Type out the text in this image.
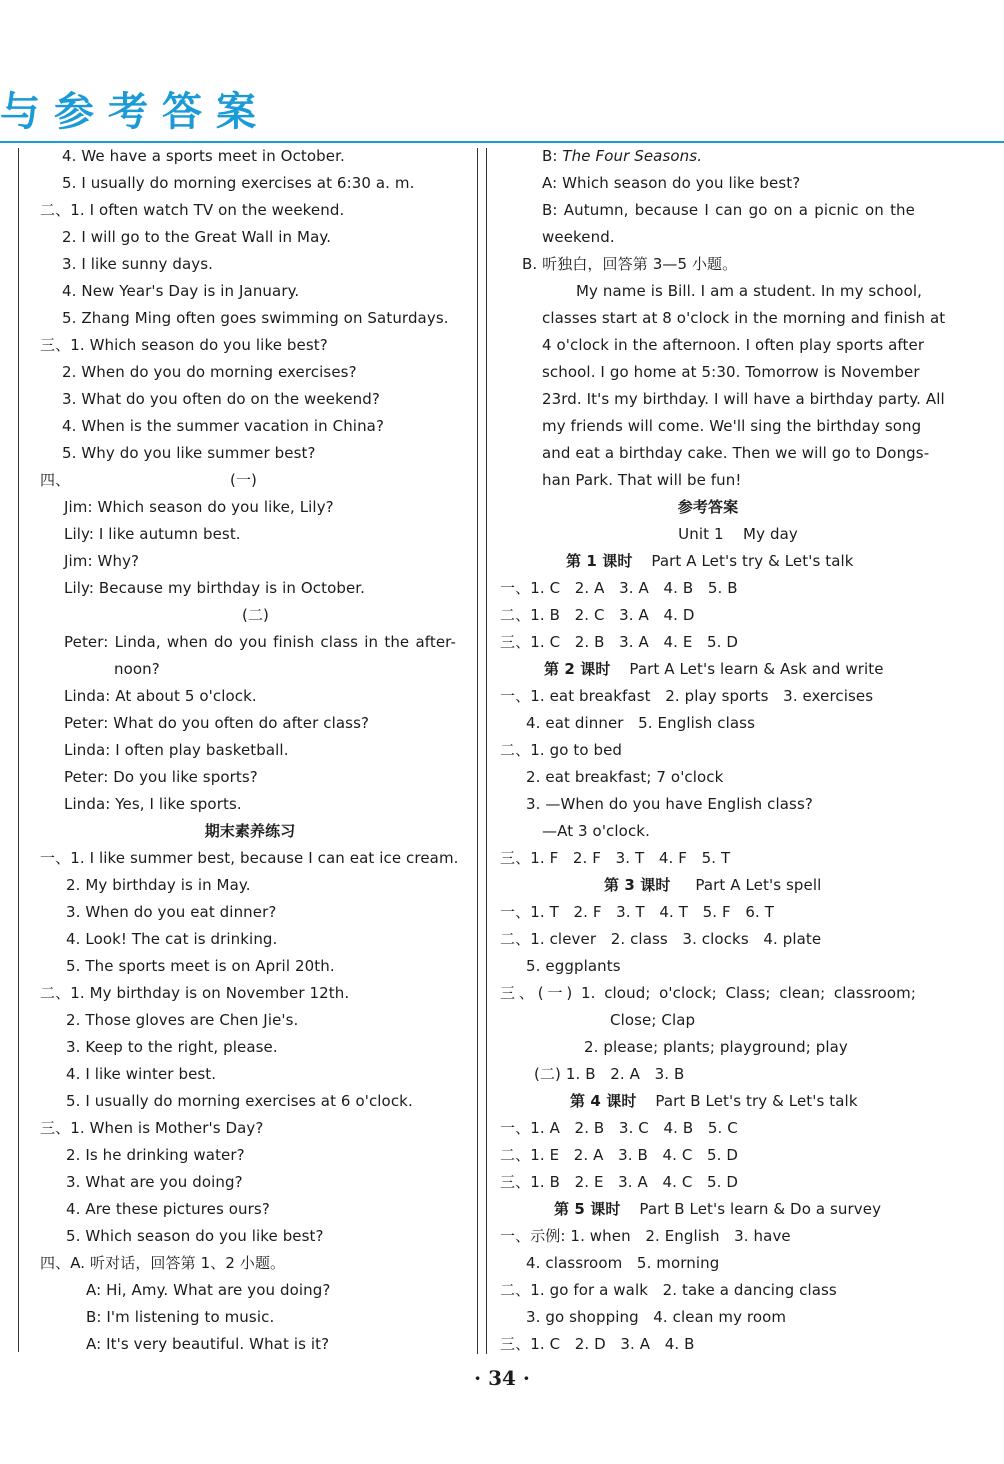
与参考答案
4. We have a sports meet in October.
5. I usually do morning exercises at 6:30 a. m.
二、1. I often watch TV on the weekend.
2. I will go to the Great Wall in May.
3. I like sunny days.
4. New Year's Day is in January.
5. Zhang Ming often goes swimming on Saturdays.
三、1. Which season do you like best?
2. When do you do morning exercises?
3. What do you often do on the weekend?
4. When is the summer vacation in China?
5. Why do you like summer best?
四、	(一)
Jim: Which season do you like, Lily?
Lily: I like autumn best.
Jim: Why?
Lily: Because my birthday is in October.
(二)
Peter: Linda, when do you finish class in the after-
noon?
Linda: At about 5 o'clock.
Peter: What do you often do after class?
Linda: I often play basketball.
Peter: Do you like sports?
Linda: Yes, I like sports.
期末素养练习
一、1. I like summer best, because I can eat ice cream.
2. My birthday is in May.
3. When do you eat dinner?
4. Look! The cat is drinking.
5. The sports meet is on April 20th.
二、1. My birthday is on November 12th.
2. Those gloves are Chen Jie's.
3. Keep to the right, please.
4. I like winter best.
5. I usually do morning exercises at 6 o'clock.
三、1. When is Mother's Day?
2. Is he drinking water?
3. What are you doing?
4. Are these pictures ours?
5. Which season do you like best?
四、A. 听对话，回答第 1、2 小题。
A: Hi, Amy. What are you doing?
B: I'm listening to music.
A: It's very beautiful. What is it?
B: The Four Seasons.
A: Which season do you like best?
B: Autumn, because I can go on a picnic on the
weekend.
B. 听独白，回答第 3—5 小题。
My name is Bill. I am a student. In my school,
classes start at 8 o'clock in the morning and finish at
4 o'clock in the afternoon. I often play sports after
school. I go home at 5:30. Tomorrow is November
23rd. It's my birthday. I will have a birthday party. All
my friends will come. We'll sing the birthday song
and eat a birthday cake. Then we will go to Dongs-
han Park. That will be fun!
参考答案
Unit 1    My day
第 1 课时 Part A Let's try & Let's talk
一、1. C   2. A   3. A   4. B   5. B
二、1. B   2. C   3. A   4. D
三、1. C   2. B   3. A   4. E   5. D
第 2 课时 Part A Let's learn & Ask and write
一、1. eat breakfast   2. play sports   3. exercises
4. eat dinner   5. English class
二、1. go to bed
2. eat breakfast; 7 o'clock
3. —When do you have English class?
—At 3 o'clock.
三、1. F   2. F   3. T   4. F   5. T
第 3 课时 Part A Let's spell
一、1. T   2. F   3. T   4. T   5. F   6. T
二、1. clever   2. class   3. clocks   4. plate
5. eggplants
三、(一) 1. cloud; o'clock; Class; clean; classroom;
Close; Clap
2. please; plants; playground; play
(二) 1. B   2. A   3. B
第 4 课时 Part B Let's try & Let's talk
一、1. A   2. B   3. C   4. B   5. C
二、1. E   2. A   3. B   4. C   5. D
三、1. B   2. E   3. A   4. C   5. D
第 5 课时 Part B Let's learn & Do a survey
一、示例: 1. when   2. English   3. have
4. classroom   5. morning
二、1. go for a walk   2. take a dancing class
3. go shopping   4. clean my room
三、1. C   2. D   3. A   4. B
· 34 ·
